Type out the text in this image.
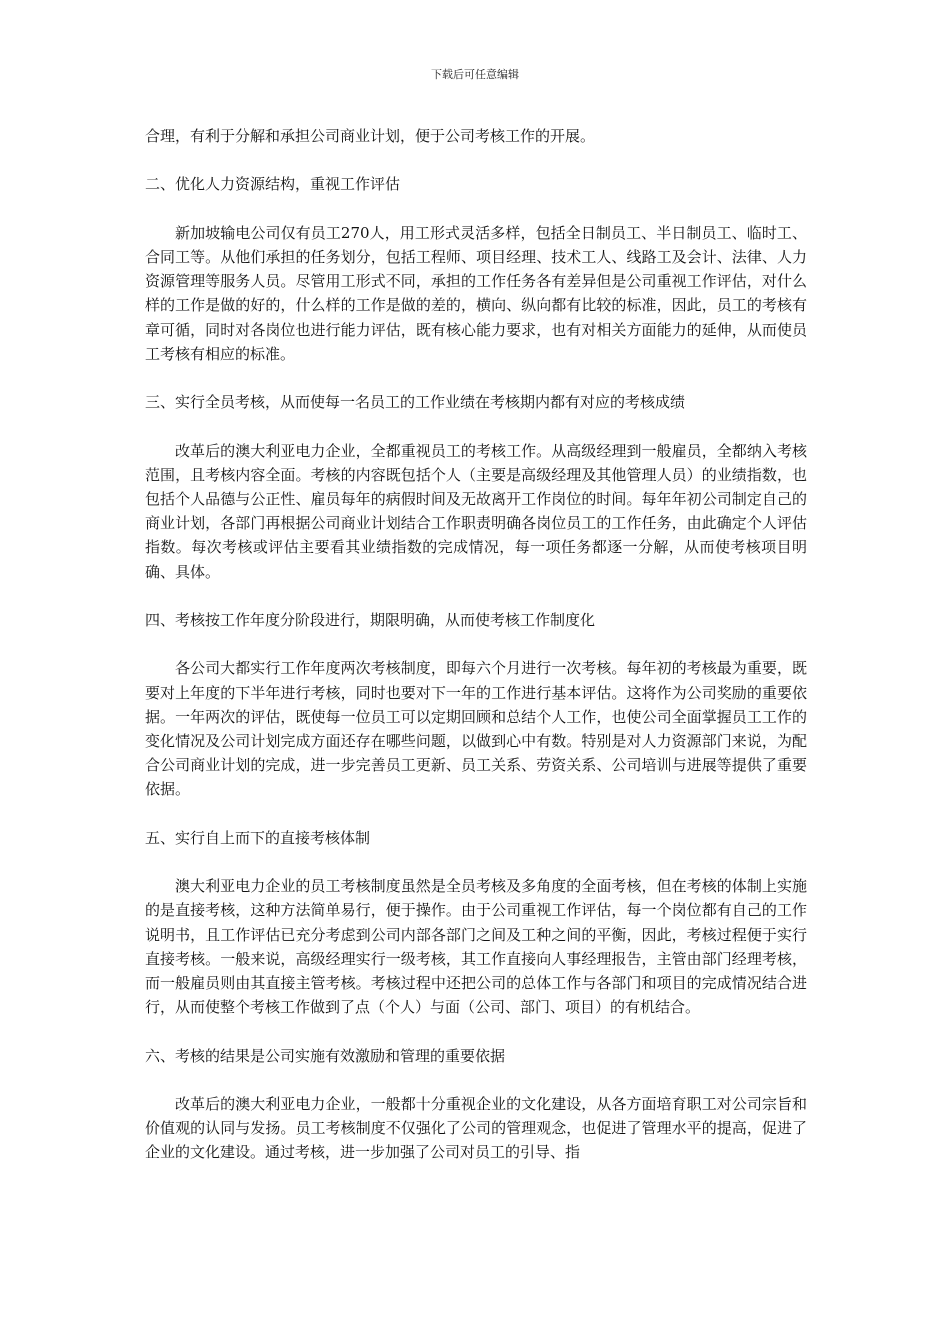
下载后可任意编辑

合理，有利于分解和承担公司商业计划，便于公司考核工作的开展。

二、优化人力资源结构，重视工作评估

新加坡输电公司仅有员工270人，用工形式灵活多样，包括全日制员工、半日制员工、临时工、合同工等。从他们承担的任务划分，包括工程师、项目经理、技术工人、线路工及会计、法律、人力资源管理等服务人员。尽管用工形式不同，承担的工作任务各有差异但是公司重视工作评估，对什么样的工作是做的好的，什么样的工作是做的差的，横向、纵向都有比较的标准，因此，员工的考核有章可循，同时对各岗位也进行能力评估，既有核心能力要求，也有对相关方面能力的延伸，从而使员工考核有相应的标准。

三、实行全员考核，从而使每一名员工的工作业绩在考核期内都有对应的考核成绩

改革后的澳大利亚电力企业，全都重视员工的考核工作。从高级经理到一般雇员，全都纳入考核范围，且考核内容全面。考核的内容既包括个人（主要是高级经理及其他管理人员）的业绩指数，也包括个人品德与公正性、雇员每年的病假时间及无故离开工作岗位的时间。每年年初公司制定自己的商业计划，各部门再根据公司商业计划结合工作职责明确各岗位员工的工作任务，由此确定个人评估指数。每次考核或评估主要看其业绩指数的完成情况，每一项任务都逐一分解，从而使考核项目明确、具体。

四、考核按工作年度分阶段进行，期限明确，从而使考核工作制度化

各公司大都实行工作年度两次考核制度，即每六个月进行一次考核。每年初的考核最为重要，既要对上年度的下半年进行考核，同时也要对下一年的工作进行基本评估。这将作为公司奖励的重要依据。一年两次的评估，既使每一位员工可以定期回顾和总结个人工作，也使公司全面掌握员工工作的变化情况及公司计划完成方面还存在哪些问题，以做到心中有数。特别是对人力资源部门来说，为配合公司商业计划的完成，进一步完善员工更新、员工关系、劳资关系、公司培训与进展等提供了重要依据。

五、实行自上而下的直接考核体制

澳大利亚电力企业的员工考核制度虽然是全员考核及多角度的全面考核，但在考核的体制上实施的是直接考核，这种方法简单易行，便于操作。由于公司重视工作评估，每一个岗位都有自己的工作说明书，且工作评估已充分考虑到公司内部各部门之间及工种之间的平衡，因此，考核过程便于实行直接考核。一般来说，高级经理实行一级考核，其工作直接向人事经理报告，主管由部门经理考核，而一般雇员则由其直接主管考核。考核过程中还把公司的总体工作与各部门和项目的完成情况结合进行，从而使整个考核工作做到了点（个人）与面（公司、部门、项目）的有机结合。

六、考核的结果是公司实施有效激励和管理的重要依据

改革后的澳大利亚电力企业，一般都十分重视企业的文化建设，从各方面培育职工对公司宗旨和价值观的认同与发扬。员工考核制度不仅强化了公司的管理观念，也促进了管理水平的提高，促进了企业的文化建设。通过考核，进一步加强了公司对员工的引导、指
